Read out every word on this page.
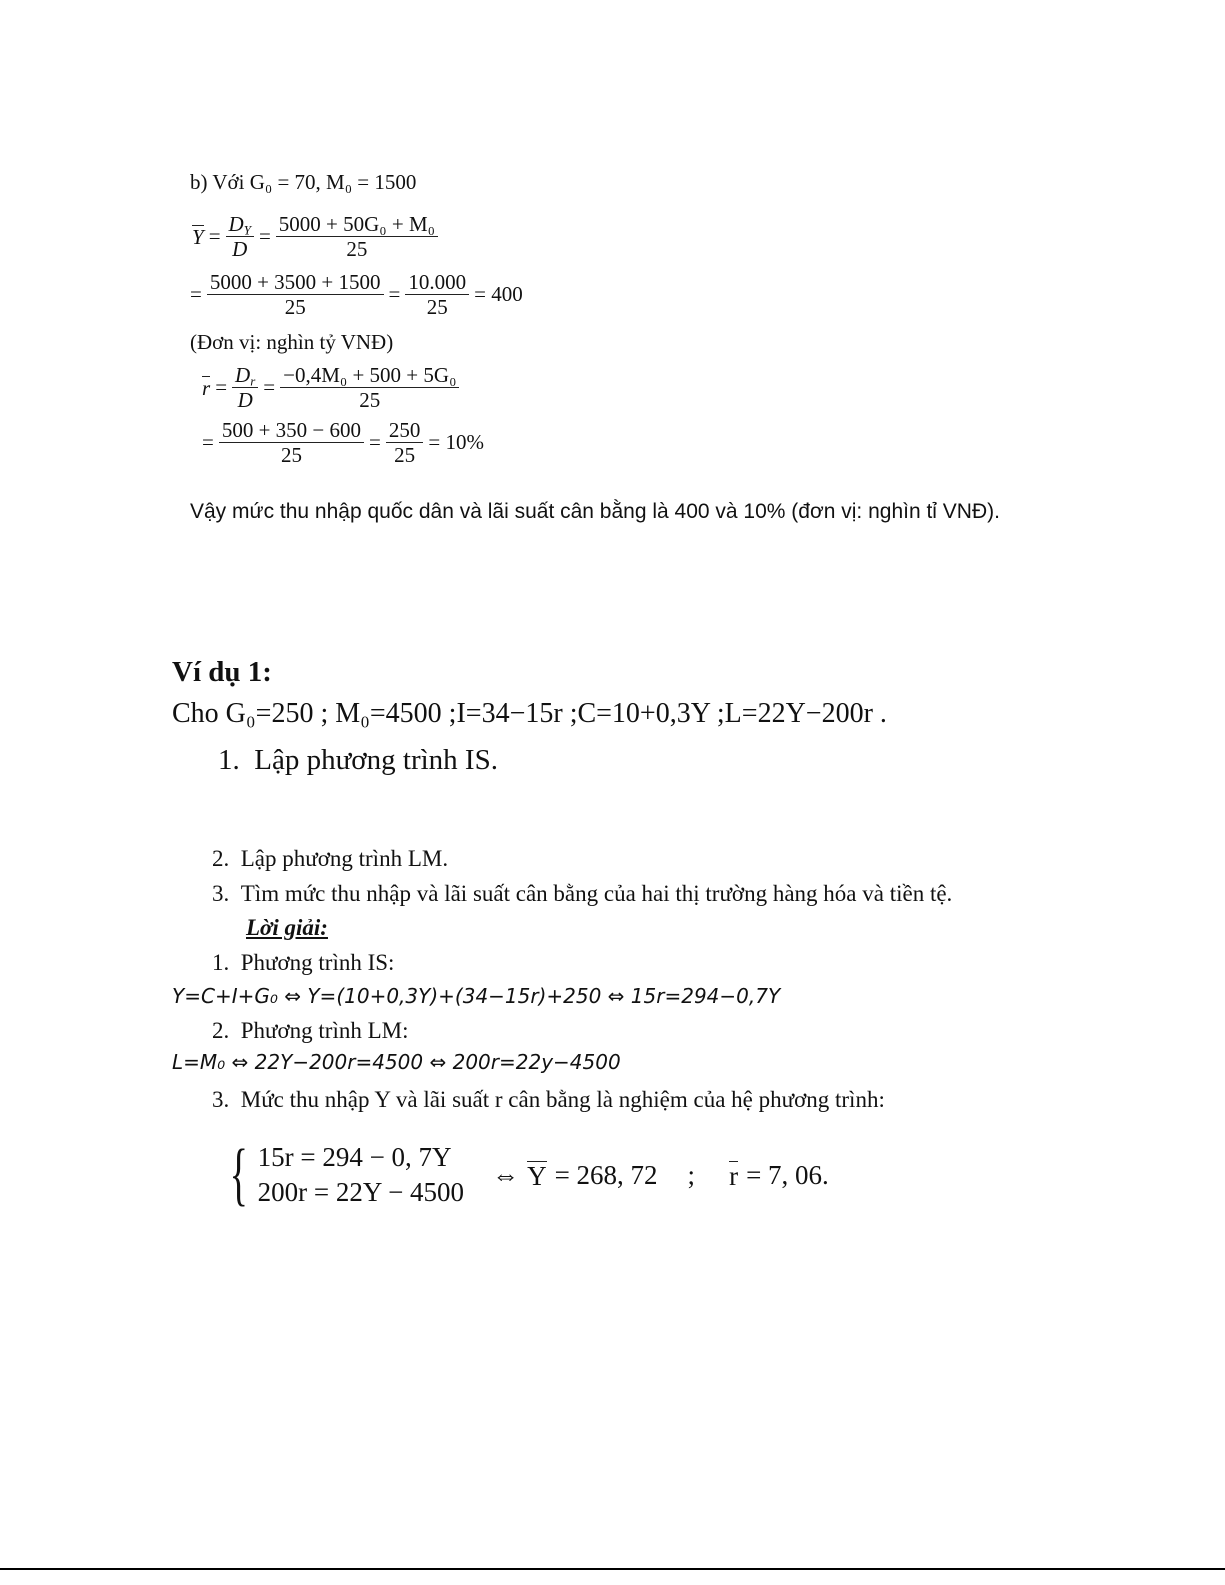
b) Với G₀ = 70, M₀ = 1500
$Y = \frac{D_Y}{D} = \frac{\text{5000 + 50G₀ + M₀}}{25}$
= $\frac{5000 + 3500 + 1500}{25} = \frac{10.000}{25} = 400$
(Đơn vị: nghìn tỷ VNĐ)
$r = \frac{D_r}{D} = \frac{\text{−0,4M₀ + 500 + 5G₀}}{25}$
= $\frac{500 + 350 - 600}{25} = \frac{250}{25} = 10\%$
Vậy mức thu nhập quốc dân và lãi suất cân bằng là 400 và 10% (đơn vị: nghìn tỉ VNĐ).
Ví dụ 1:
Cho G₀=250 ; M₀=4500 ;I=34−15r ;C=10+0,3Y ;L=22Y−200r .
1. Lập phương trình IS.
2. Lập phương trình LM.
3. Tìm mức thu nhập và lãi suất cân bằng của hai thị trường hàng hóa và tiền tệ.
Lời giải:
1. Phương trình IS:
Y=C+I+G₀ ⇔ Y=(10+0,3Y)+(34−15r)+250 ⇔ 15r=294−0,7Y
2. Phương trình LM:
L=M₀ ⇔ 22Y−200r=4500 ⇔ 200r=22y−4500
3. Mức thu nhập Y và lãi suất r cân bằng là nghiệm của hệ phương trình:
{ 15r = 294 − 0, 7Y
200r = 22Y − 4500
⇔ Y = 268, 72 ; r = 7, 06.
